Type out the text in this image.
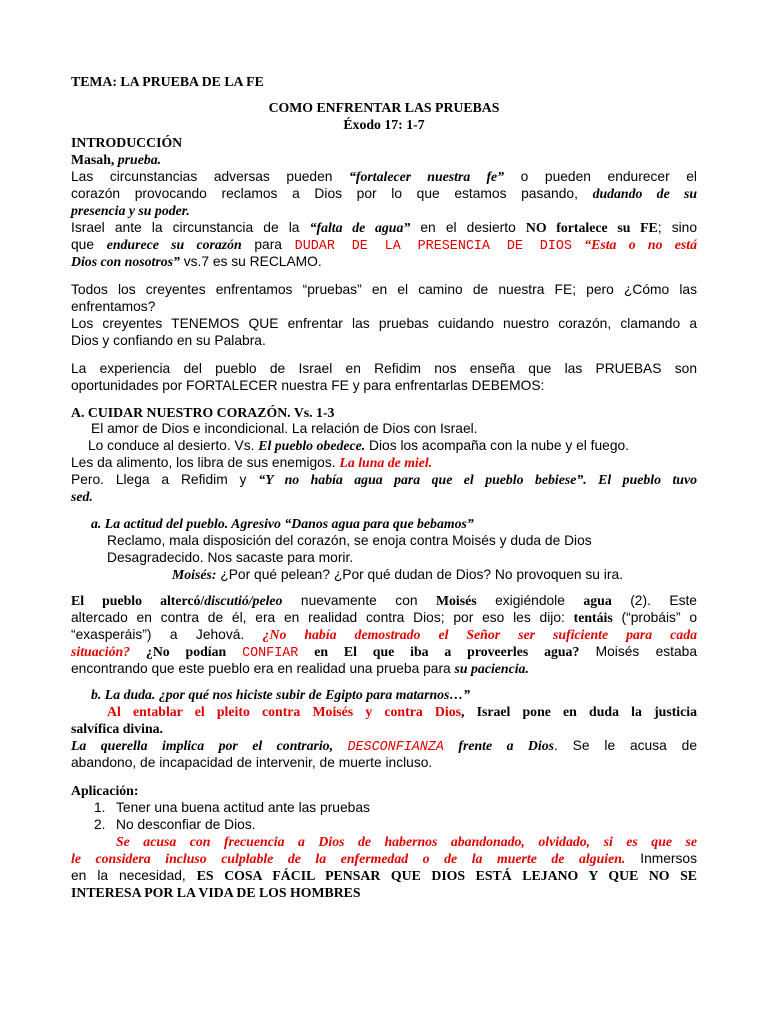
TEMA: LA PRUEBA DE LA FE
COMO ENFRENTAR LAS PRUEBAS
Éxodo 17: 1-7
INTRODUCCIÓN
Masah, prueba.
Las circunstancias adversas pueden “fortalecer nuestra fe” o pueden endurecer el
corazón provocando reclamos a Dios por lo que estamos pasando, dudando de su
presencia y su poder.
Israel ante la circunstancia de la “falta de agua” en el desierto NO fortalece su FE; sino
que endurece su corazón para DUDAR DE LA PRESENCIA DE DIOS “Esta o no está
Dios con nosotros” vs.7 es su RECLAMO.
Todos los creyentes enfrentamos “pruebas” en el camino de nuestra FE; pero ¿Cómo las
enfrentamos?
Los creyentes TENEMOS QUE enfrentar las pruebas cuidando nuestro corazón, clamando a
Dios y confiando en su Palabra.
La experiencia del pueblo de Israel en Refidim nos enseña que las PRUEBAS son
oportunidades por FORTALECER nuestra FE y para enfrentarlas DEBEMOS:
A. CUIDAR NUESTRO CORAZÓN. Vs. 1-3
El amor de Dios e incondicional. La relación de Dios con Israel.
Lo conduce al desierto. Vs. El pueblo obedece. Dios los acompaña con la nube y el fuego.
Les da alimento, los libra de sus enemigos. La luna de miel.
Pero. Llega a Refidim y “Y no había agua para que el pueblo bebiese”. El pueblo tuvo
sed.
a. La actitud del pueblo. Agresivo “Danos agua para que bebamos”
Reclamo, mala disposición del corazón, se enoja contra Moisés y duda de Dios
Desagradecido. Nos sacaste para morir.
Moisés: ¿Por qué pelean? ¿Por qué dudan de Dios? No provoquen su ira.
El pueblo altercó/discutió/peleo nuevamente con Moisés exigiéndole agua (2). Este
altercado en contra de él, era en realidad contra Dios; por eso les dijo: tentáis (“probáis” o
“exasperáis”) a Jehová. ¿No había demostrado el Señor ser suficiente para cada
situación? ¿No podían CONFIAR en El que iba a proveerles agua? Moisés estaba
encontrando que este pueblo era en realidad una prueba para su paciencia.
b. La duda. ¿por qué nos hiciste subir de Egipto para matarnos…”
Al entablar el pleito contra Moisés y contra Dios, Israel pone en duda la justicia
salvífica divina.
La querella implica por el contrario, DESCONFIANZA frente a Dios. Se le acusa de
abandono, de incapacidad de intervenir, de muerte incluso.
Aplicación:
1. Tener una buena actitud ante las pruebas
2. No desconfiar de Dios.
Se acusa con frecuencia a Dios de habernos abandonado, olvidado, si es que se
le considera incluso culplable de la enfermedad o de la muerte de alguien. Inmersos
en la necesidad, ES COSA FÁCIL PENSAR QUE DIOS ESTÁ LEJANO Y QUE NO SE
INTERESA POR LA VIDA DE LOS HOMBRES
